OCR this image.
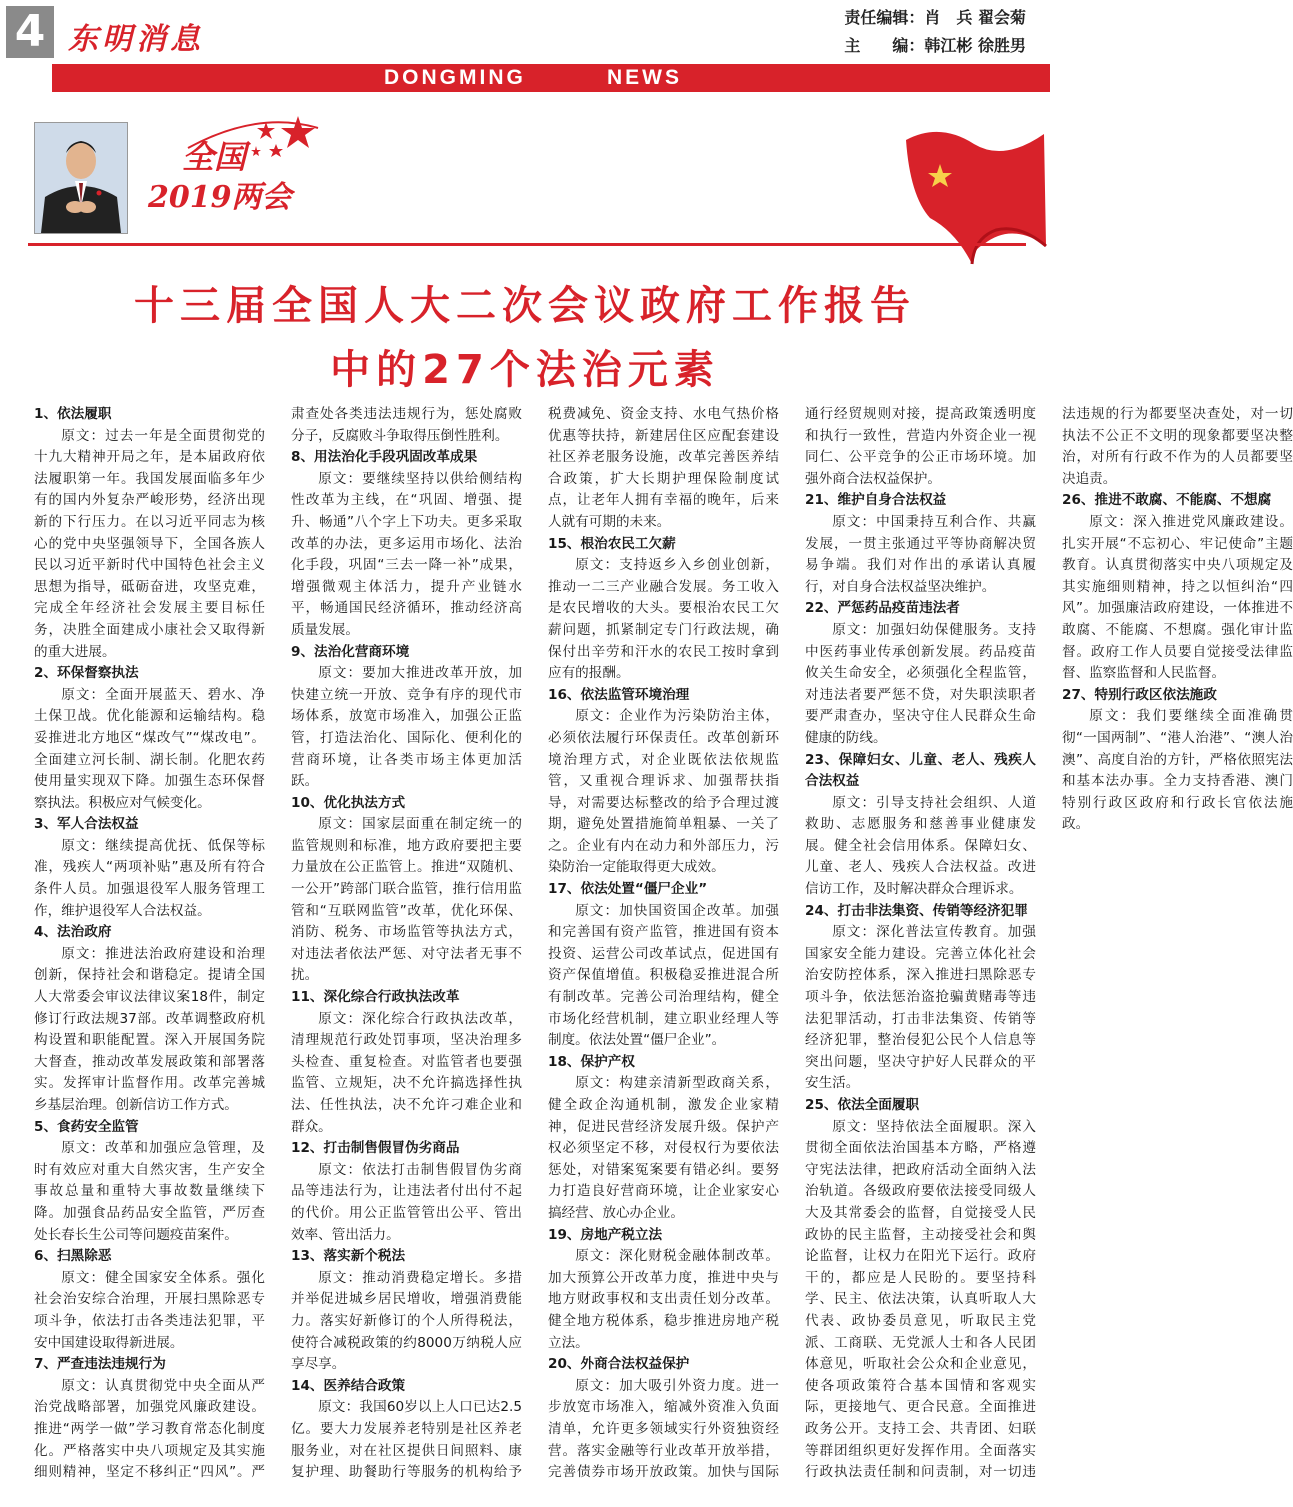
4 东明消息
责任编辑：肖　兵 翟会菊
主　　编：韩江彬 徐胜男
DONGMING	NEWS
全国
2019两会
十三届全国人大二次会议政府工作报告
中的27个法治元素
1、依法履职

原文：过去一年是全面贯彻党的十九大精神开局之年，是本届政府依法履职第一年。我国发展面临多年少有的国内外复杂严峻形势，经济出现新的下行压力。在以习近平同志为核心的党中央坚强领导下，全国各族人民以习近平新时代中国特色社会主义思想为指导，砥砺奋进，攻坚克难，完成全年经济社会发展主要目标任务，决胜全面建成小康社会又取得新的重大进展。

2、环保督察执法

原文：全面开展蓝天、碧水、净土保卫战。优化能源和运输结构。稳妥推进北方地区“煤改气”“煤改电”。全面建立河长制、湖长制。化肥农药使用量实现双下降。加强生态环保督察执法。积极应对气候变化。

3、军人合法权益

原文：继续提高优抚、低保等标准，残疾人“两项补贴”惠及所有符合条件人员。加强退役军人服务管理工作，维护退役军人合法权益。

4、法治政府

原文：推进法治政府建设和治理创新，保持社会和谐稳定。提请全国人大常委会审议法律议案18件，制定修订行政法规37部。改革调整政府机构设置和职能配置。深入开展国务院大督查，推动改革发展政策和部署落实。发挥审计监督作用。改革完善城乡基层治理。创新信访工作方式。

5、食药安全监管

原文：改革和加强应急管理，及时有效应对重大自然灾害，生产安全事故总量和重特大事故数量继续下降。加强食品药品安全监管，严厉查处长春长生公司等问题疫苗案件。

6、扫黑除恶

原文：健全国家安全体系。强化社会治安综合治理，开展扫黑除恶专项斗争，依法打击各类违法犯罪，平安中国建设取得新进展。

7、严查违法违规行为

原文：认真贯彻党中央全面从严治党战略部署，加强党风廉政建设。推进“两学一做”学习教育常态化制度化。严格落实中央八项规定及其实施细则精神，坚定不移纠正“四风”。严肃查处各类违法违规行为，惩处腐败分子，反腐败斗争取得压倒性胜利。

8、用法治化手段巩固改革成果

原文：要继续坚持以供给侧结构性改革为主线，在“巩固、增强、提升、畅通”八个字上下功夫。更多采取改革的办法，更多运用市场化、法治化手段，巩固“三去一降一补”成果，增强微观主体活力，提升产业链水平，畅通国民经济循环，推动经济高质量发展。

9、法治化营商环境

原文：要加大推进改革开放，加快建立统一开放、竞争有序的现代市场体系，放宽市场准入，加强公正监管，打造法治化、国际化、便利化的营商环境，让各类市场主体更加活跃。

10、优化执法方式

原文：国家层面重在制定统一的监管规则和标准，地方政府要把主要力量放在公正监管上。推进“双随机、一公开”跨部门联合监管，推行信用监管和“互联网监管”改革，优化环保、消防、税务、市场监管等执法方式，对违法者依法严惩、对守法者无事不扰。

11、深化综合行政执法改革

原文：深化综合行政执法改革，清理规范行政处罚事项，坚决治理多头检查、重复检查。对监管者也要强监管、立规矩，决不允许搞选择性执法、任性执法，决不允许刁难企业和群众。

12、打击制售假冒伪劣商品

原文：依法打击制售假冒伪劣商品等违法行为，让违法者付出付不起的代价。用公正监管管出公平、管出效率、管出活力。

13、落实新个税法

原文：推动消费稳定增长。多措并举促进城乡居民增收，增强消费能力。落实好新修订的个人所得税法，使符合减税政策的约8000万纳税人应享尽享。

14、医养结合政策

原文：我国60岁以上人口已达2.5亿。要大力发展养老特别是社区养老服务业，对在社区提供日间照料、康复护理、助餐助行等服务的机构给予税费减免、资金支持、水电气热价格优惠等扶持，新建居住区应配套建设社区养老服务设施，改革完善医养结合政策，扩大长期护理保险制度试点，让老年人拥有幸福的晚年，后来人就有可期的未来。

15、根治农民工欠薪

原文：支持返乡入乡创业创新，推动一二三产业融合发展。务工收入是农民增收的大头。要根治农民工欠薪问题，抓紧制定专门行政法规，确保付出辛劳和汗水的农民工按时拿到应有的报酬。

16、依法监管环境治理

原文：企业作为污染防治主体，必须依法履行环保责任。改革创新环境治理方式，对企业既依法依规监管，又重视合理诉求、加强帮扶指导，对需要达标整改的给予合理过渡期，避免处置措施简单粗暴、一关了之。企业有内在动力和外部压力，污染防治一定能取得更大成效。

17、依法处置“僵尸企业”

原文：加快国资国企改革。加强和完善国有资产监管，推进国有资本投资、运营公司改革试点，促进国有资产保值增值。积极稳妥推进混合所有制改革。完善公司治理结构，健全市场化经营机制，建立职业经理人等制度。依法处置“僵尸企业”。

18、保护产权

原文：构建亲清新型政商关系，健全政企沟通机制，激发企业家精神，促进民营经济发展升级。保护产权必须坚定不移，对侵权行为要依法惩处，对错案冤案要有错必纠。要努力打造良好营商环境，让企业家安心搞经营、放心办企业。

19、房地产税立法

原文：深化财税金融体制改革。加大预算公开改革力度，推进中央与地方财政事权和支出责任划分改革。健全地方税体系，稳步推进房地产税立法。

20、外商合法权益保护

原文：加大吸引外资力度。进一步放宽市场准入，缩减外资准入负面清单，允许更多领域实行外资独资经营。落实金融等行业改革开放举措，完善债券市场开放政策。加快与国际通行经贸规则对接，提高政策透明度和执行一致性，营造内外资企业一视同仁、公平竞争的公正市场环境。加强外商合法权益保护。

21、维护自身合法权益

原文：中国秉持互利合作、共赢发展，一贯主张通过平等协商解决贸易争端。我们对作出的承诺认真履行，对自身合法权益坚决维护。

22、严惩药品疫苗违法者

原文：加强妇幼保健服务。支持中医药事业传承创新发展。药品疫苗攸关生命安全，必须强化全程监管，对违法者要严惩不贷，对失职渎职者要严肃查办，坚决守住人民群众生命健康的防线。

23、保障妇女、儿童、老人、残疾人合法权益

原文：引导支持社会组织、人道救助、志愿服务和慈善事业健康发展。健全社会信用体系。保障妇女、儿童、老人、残疾人合法权益。改进信访工作，及时解决群众合理诉求。

24、打击非法集资、传销等经济犯罪

原文：深化普法宣传教育。加强国家安全能力建设。完善立体化社会治安防控体系，深入推进扫黑除恶专项斗争，依法惩治盗抢骗黄赌毒等违法犯罪活动，打击非法集资、传销等经济犯罪，整治侵犯公民个人信息等突出问题，坚决守护好人民群众的平安生活。

25、依法全面履职

原文：坚持依法全面履职。深入贯彻全面依法治国基本方略，严格遵守宪法法律，把政府活动全面纳入法治轨道。各级政府要依法接受同级人大及其常委会的监督，自觉接受人民政协的民主监督，主动接受社会和舆论监督，让权力在阳光下运行。政府干的，都应是人民盼的。要坚持科学、民主、依法决策，认真听取人大代表、政协委员意见，听取民主党派、工商联、无党派人士和各人民团体意见，听取社会公众和企业意见，使各项政策符合基本国情和客观实际，更接地气、更合民意。全面推进政务公开。支持工会、共青团、妇联等群团组织更好发挥作用。全面落实行政执法责任制和问责制，对一切违法违规的行为都要坚决查处，对一切执法不公正不文明的现象都要坚决整治，对所有行政不作为的人员都要坚决追责。

26、推进不敢腐、不能腐、不想腐

原文：深入推进党风廉政建设。扎实开展“不忘初心、牢记使命”主题教育。认真贯彻落实中央八项规定及其实施细则精神，持之以恒纠治“四风”。加强廉洁政府建设，一体推进不敢腐、不能腐、不想腐。强化审计监督。政府工作人员要自觉接受法律监督、监察监督和人民监督。

27、特别行政区依法施政

原文：我们要继续全面准确贯彻“一国两制”、“港人治港”、“澳人治澳”、高度自治的方针，严格依照宪法和基本法办事。全力支持香港、澳门特别行政区政府和行政长官依法施政。
